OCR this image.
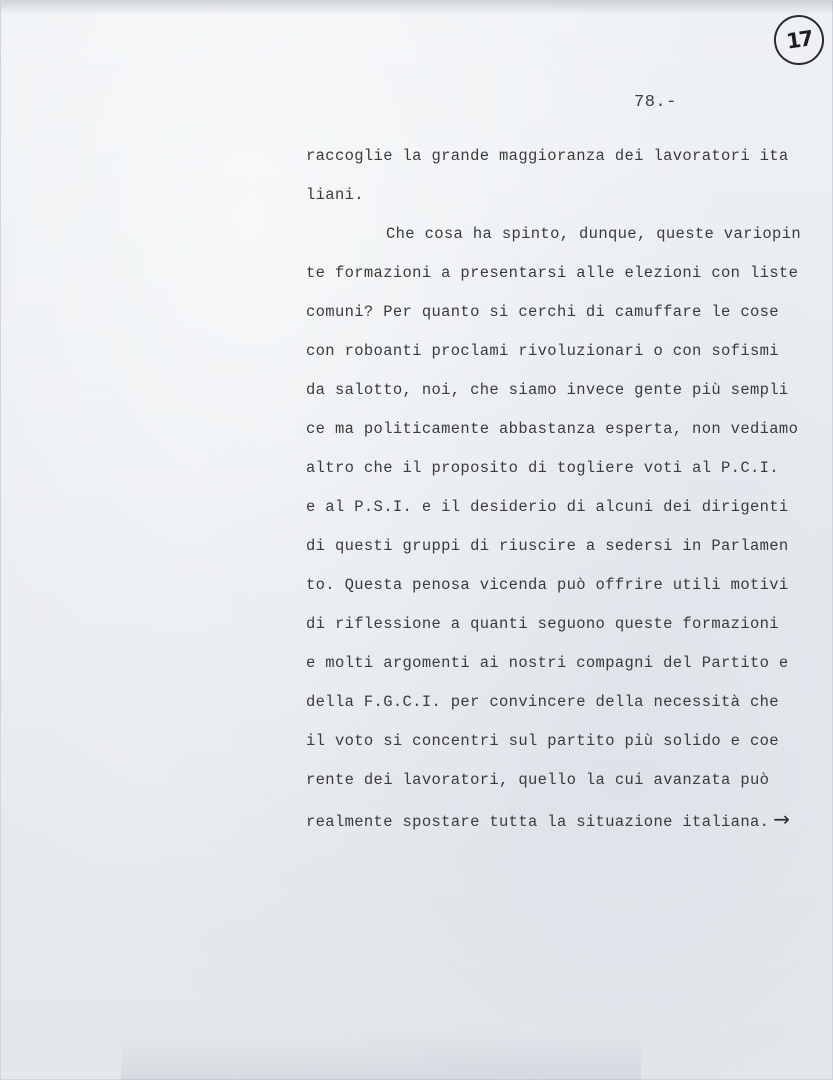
17
78.-
raccoglie la grande maggioranza dei lavoratori ita
liani.
Che cosa ha spinto, dunque, queste variopin
te formazioni a presentarsi alle elezioni con liste
comuni? Per quanto si cerchi di camuffare le cose
con roboanti proclami rivoluzionari o con sofismi
da salotto, noi, che siamo invece gente più sempli
ce ma politicamente abbastanza esperta, non vediamo
altro che il proposito di togliere voti al P.C.I.
e al P.S.I. e il desiderio di alcuni dei dirigenti
di questi gruppi di riuscire a sedersi in Parlamen
to. Questa penosa vicenda può offrire utili motivi
di riflessione a quanti seguono queste formazioni
e molti argomenti ai nostri compagni del Partito e
della F.G.C.I. per convincere della necessità che
il voto si concentri sul partito più solido e coe
rente dei lavoratori, quello la cui avanzata può
realmente spostare tutta la situazione italiana. →
